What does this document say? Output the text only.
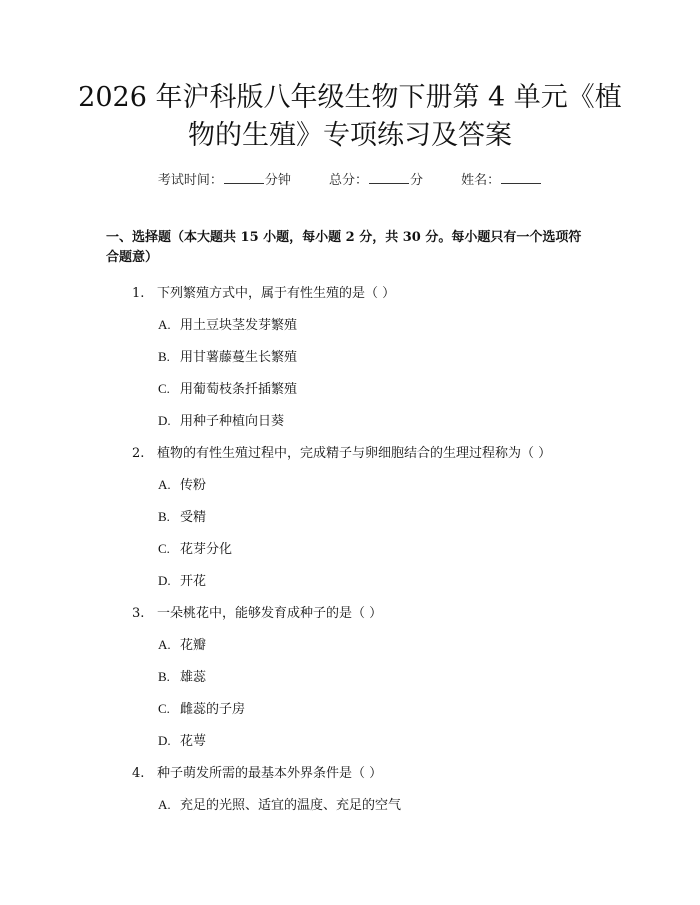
2026 年沪科版八年级生物下册第 4 单元《植
物的生殖》专项练习及答案
考试时间：	分钟	总分：	分	姓名：
一、选择题（本大题共 15 小题，每小题 2 分，共 30 分。每小题只有一个选项符
合题意）
1. 下列繁殖方式中，属于有性生殖的是（ ）
A. 用土豆块茎发芽繁殖
B. 用甘薯藤蔓生长繁殖
C. 用葡萄枝条扦插繁殖
D. 用种子种植向日葵
2. 植物的有性生殖过程中，完成精子与卵细胞结合的生理过程称为（ ）
A. 传粉
B. 受精
C. 花芽分化
D. 开花
3. 一朵桃花中，能够发育成种子的是（ ）
A. 花瓣
B. 雄蕊
C. 雌蕊的子房
D. 花萼
4. 种子萌发所需的最基本外界条件是（ ）
A. 充足的光照、适宜的温度、充足的空气
